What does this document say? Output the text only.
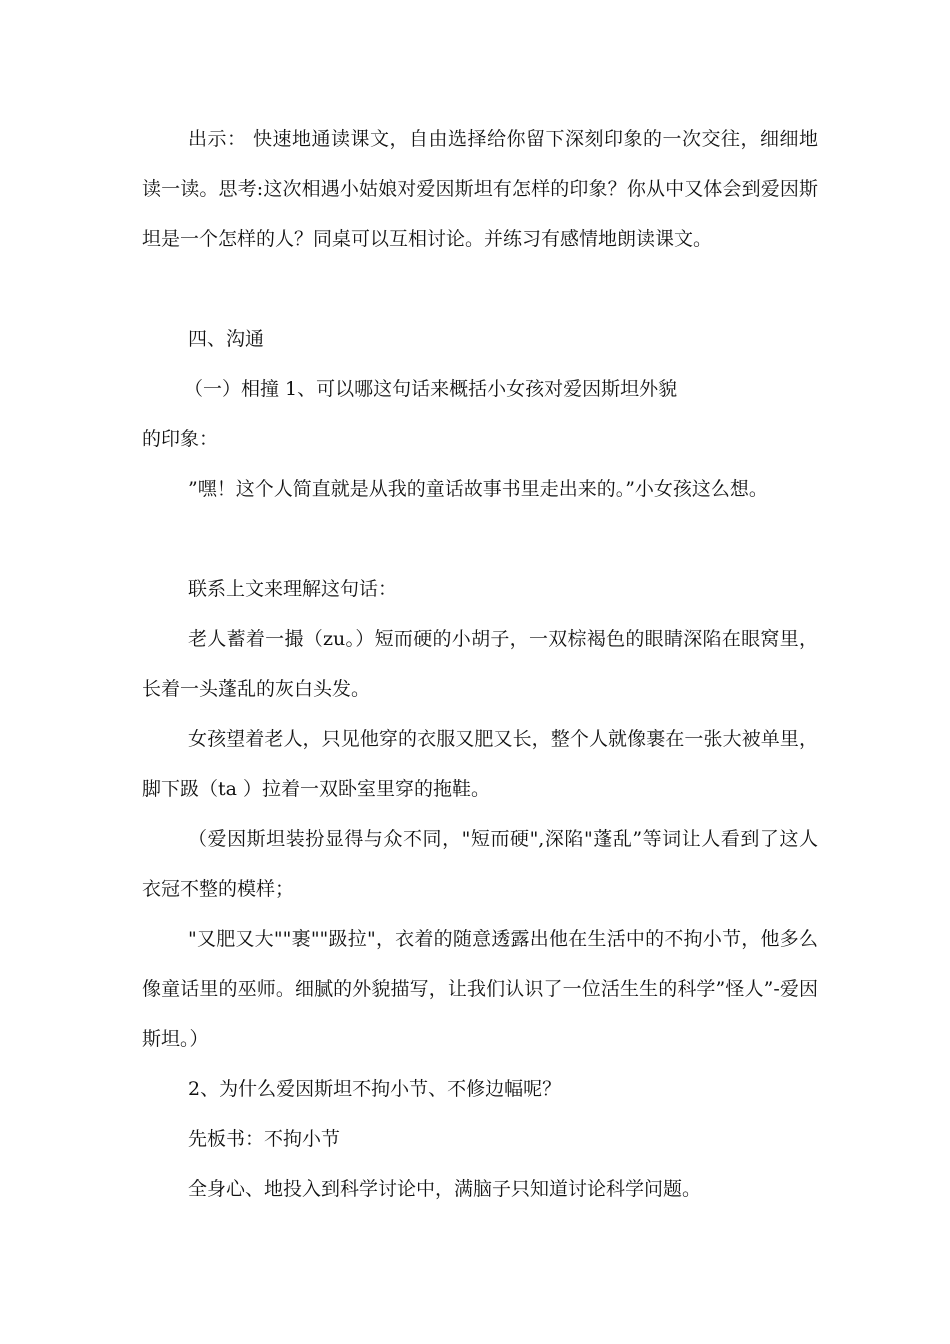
出示： 快速地通读课文，自由选择给你留下深刻印象的一次交往，细细地读一读。思考:这次相遇小姑娘对爱因斯坦有怎样的印象？你从中又体会到爱因斯坦是一个怎样的人？同桌可以互相讨论。并练习有感情地朗读课文。

四、沟通

（一）相撞 1、可以哪这句话来概括小女孩对爱因斯坦外貌

的印象：

”嘿！这个人简直就是从我的童话故事书里走出来的。”小女孩这么想。

联系上文来理解这句话：

老人蓄着一撮（zu。）短而硬的小胡子，一双棕褐色的眼睛深陷在眼窝里，长着一头蓬乱的灰白头发。

女孩望着老人，只见他穿的衣服又肥又长，整个人就像裹在一张大被单里，脚下趿（ta ）拉着一双卧室里穿的拖鞋。

（爱因斯坦装扮显得与众不同，"短而硬",深陷"蓬乱”等词让人看到了这人衣冠不整的模样；

"又肥又大""裹""趿拉"，衣着的随意透露出他在生活中的不拘小节，他多么像童话里的巫师。细腻的外貌描写，让我们认识了一位活生生的科学”怪人”-爱因斯坦。）

2、为什么爱因斯坦不拘小节、不修边幅呢？

先板书：不拘小节

全身心、地投入到科学讨论中，满脑子只知道讨论科学问题。
